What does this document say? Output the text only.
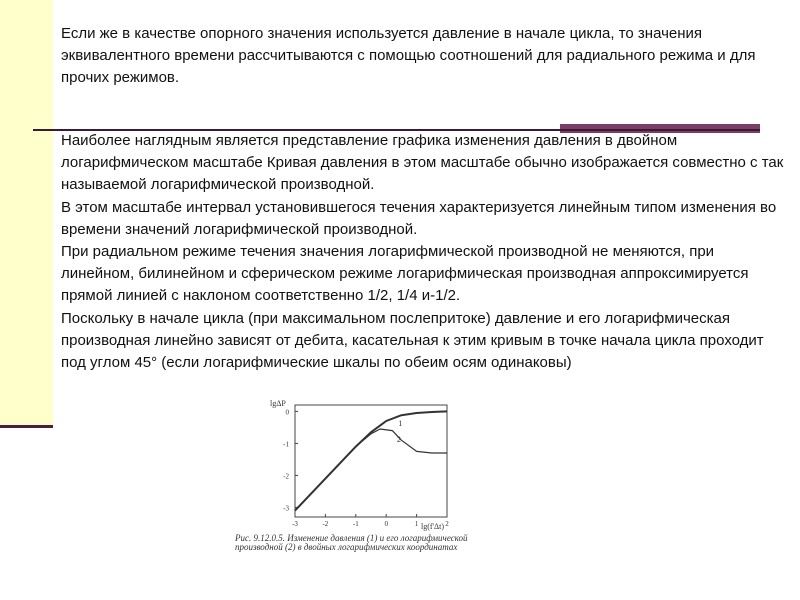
Если же в качестве опорного значения используется давление в начале цикла, то значения эквивалентного времени рассчитываются с помощью соотношений для радиального режима и для прочих режимов.

Наиболее наглядным является представление графика изменения давления в двойном логарифмическом масштабе Кривая давления в этом масштабе обычно изображается совместно с так называемой логарифмической производной.

В этом масштабе интервал установившегося течения характеризуется линейным типом изменения во времени значений логарифмической производной.

При радиальном режиме течения значения логарифмической производной не меняются, при линейном, билинейном и сферическом режиме логарифмическая производная аппроксимируется прямой линией с наклоном соответственно 1/2, 1/4 и-1/2.

Поскольку в начале цикла (при максимальном послепритоке) давление и его логарифмическая производная линейно зависят от дебита, касательная к этим кривым в точке начала цикла проходит под углом 45° (если логарифмические шкалы по обеим осям одинаковы)

lgΔP
lg(f'Δt)
0
-1
-2
-3
-3	-2	-1	0	1	2
1
2
Рис. 9.12.0.5. Изменение давления (1) и его логарифмической производной (2) в двойных логарифмических координатах
